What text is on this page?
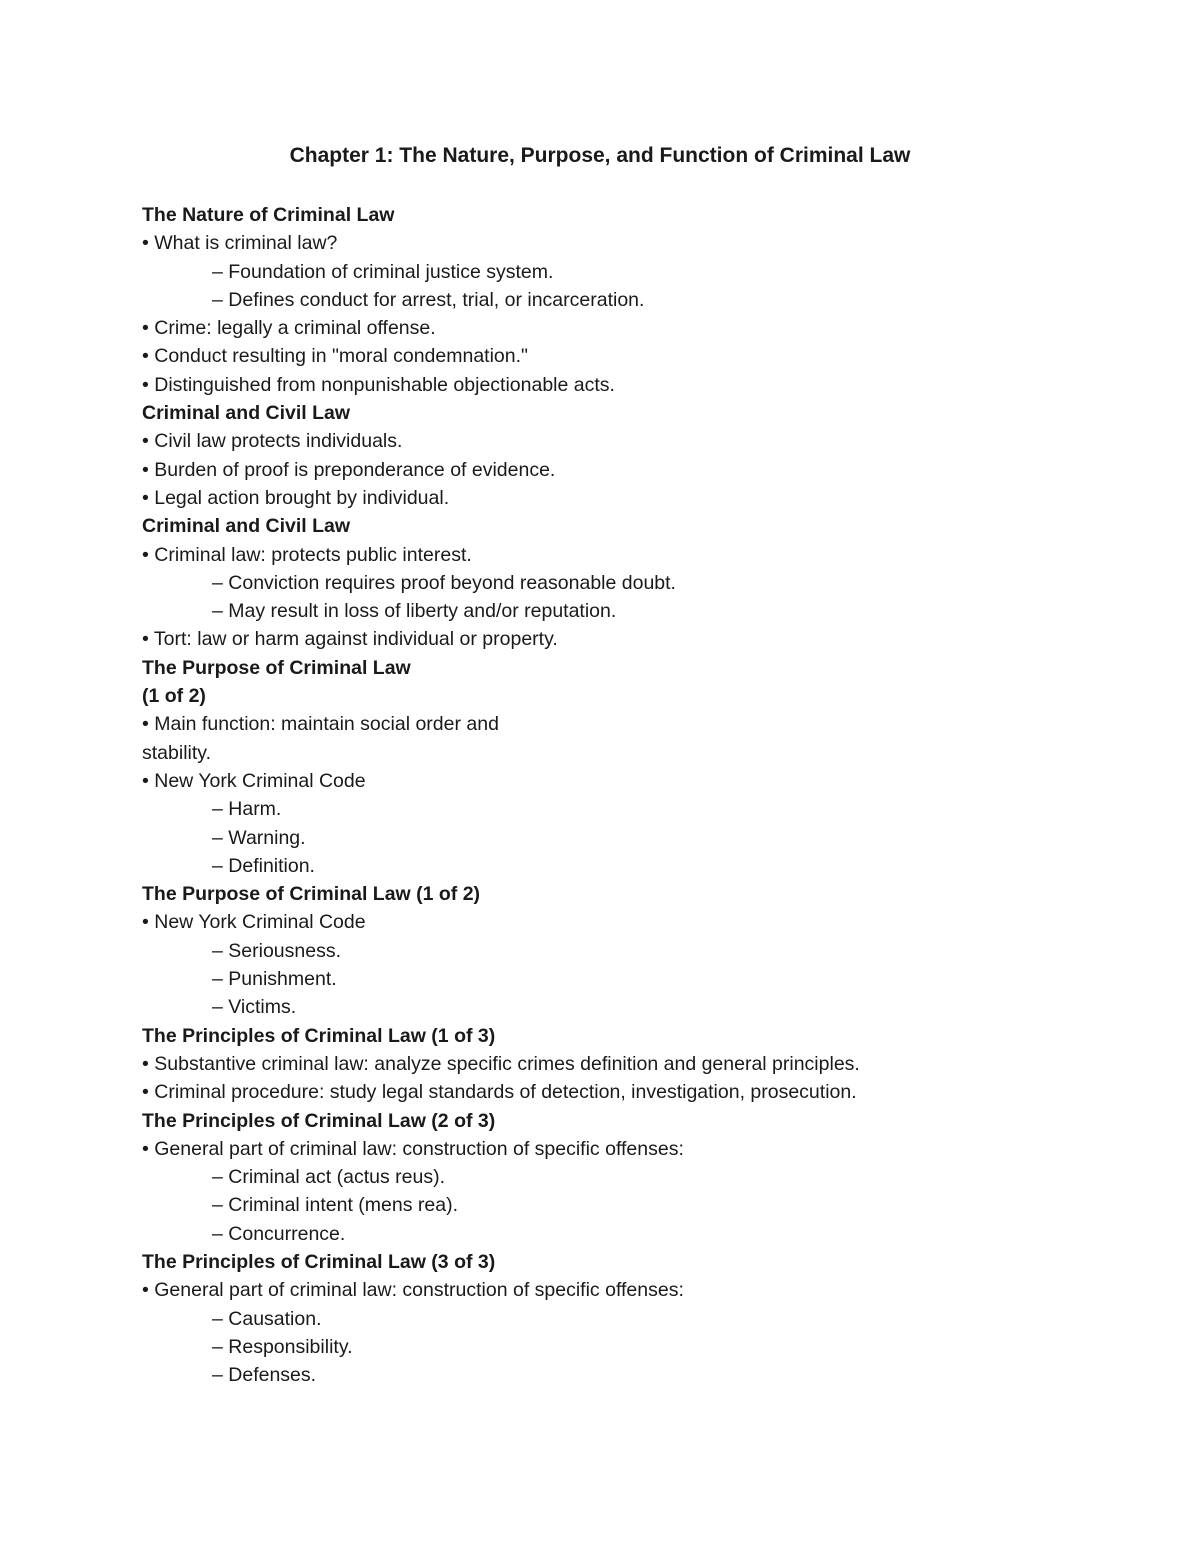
Chapter 1: The Nature, Purpose, and Function of Criminal Law
The Nature of Criminal Law
• What is criminal law?
– Foundation of criminal justice system.
– Defines conduct for arrest, trial, or incarceration.
• Crime: legally a criminal offense.
• Conduct resulting in "moral condemnation."
• Distinguished from nonpunishable objectionable acts.
Criminal and Civil Law
• Civil law protects individuals.
• Burden of proof is preponderance of evidence.
• Legal action brought by individual.
Criminal and Civil Law
• Criminal law: protects public interest.
– Conviction requires proof beyond reasonable doubt.
– May result in loss of liberty and/or reputation.
• Tort: law or harm against individual or property.
The Purpose of Criminal Law
(1 of 2)
• Main function: maintain social order and
stability.
• New York Criminal Code
– Harm.
– Warning.
– Definition.
The Purpose of Criminal Law (1 of 2)
• New York Criminal Code
– Seriousness.
– Punishment.
– Victims.
The Principles of Criminal Law (1 of 3)
• Substantive criminal law: analyze specific crimes definition and general principles.
• Criminal procedure: study legal standards of detection, investigation, prosecution.
The Principles of Criminal Law (2 of 3)
• General part of criminal law: construction of specific offenses:
– Criminal act (actus reus).
– Criminal intent (mens rea).
– Concurrence.
The Principles of Criminal Law (3 of 3)
• General part of criminal law: construction of specific offenses:
– Causation.
– Responsibility.
– Defenses.
